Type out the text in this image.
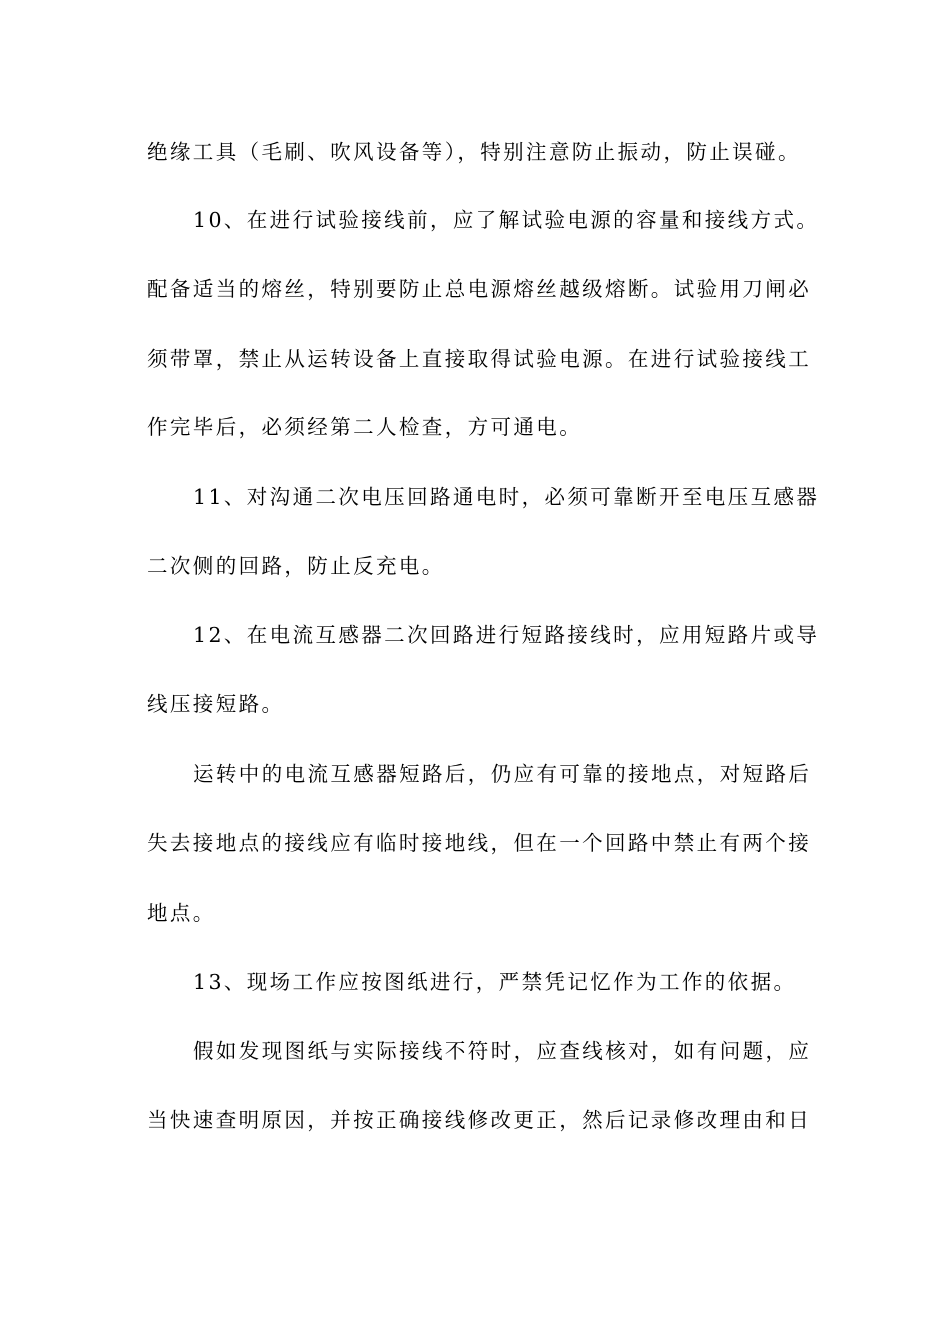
绝缘工具（毛刷、吹风设备等），特别注意防止振动，防止误碰。
10、在进行试验接线前，应了解试验电源的容量和接线方式。
配备适当的熔丝，特别要防止总电源熔丝越级熔断。试验用刀闸必
须带罩，禁止从运转设备上直接取得试验电源。在进行试验接线工
作完毕后，必须经第二人检查，方可通电。
11、对沟通二次电压回路通电时，必须可靠断开至电压互感器
二次侧的回路，防止反充电。
12、在电流互感器二次回路进行短路接线时，应用短路片或导
线压接短路。
运转中的电流互感器短路后，仍应有可靠的接地点，对短路后
失去接地点的接线应有临时接地线，但在一个回路中禁止有两个接
地点。
13、现场工作应按图纸进行，严禁凭记忆作为工作的依据。
假如发现图纸与实际接线不符时，应查线核对，如有问题，应
当快速查明原因，并按正确接线修改更正，然后记录修改理由和日
